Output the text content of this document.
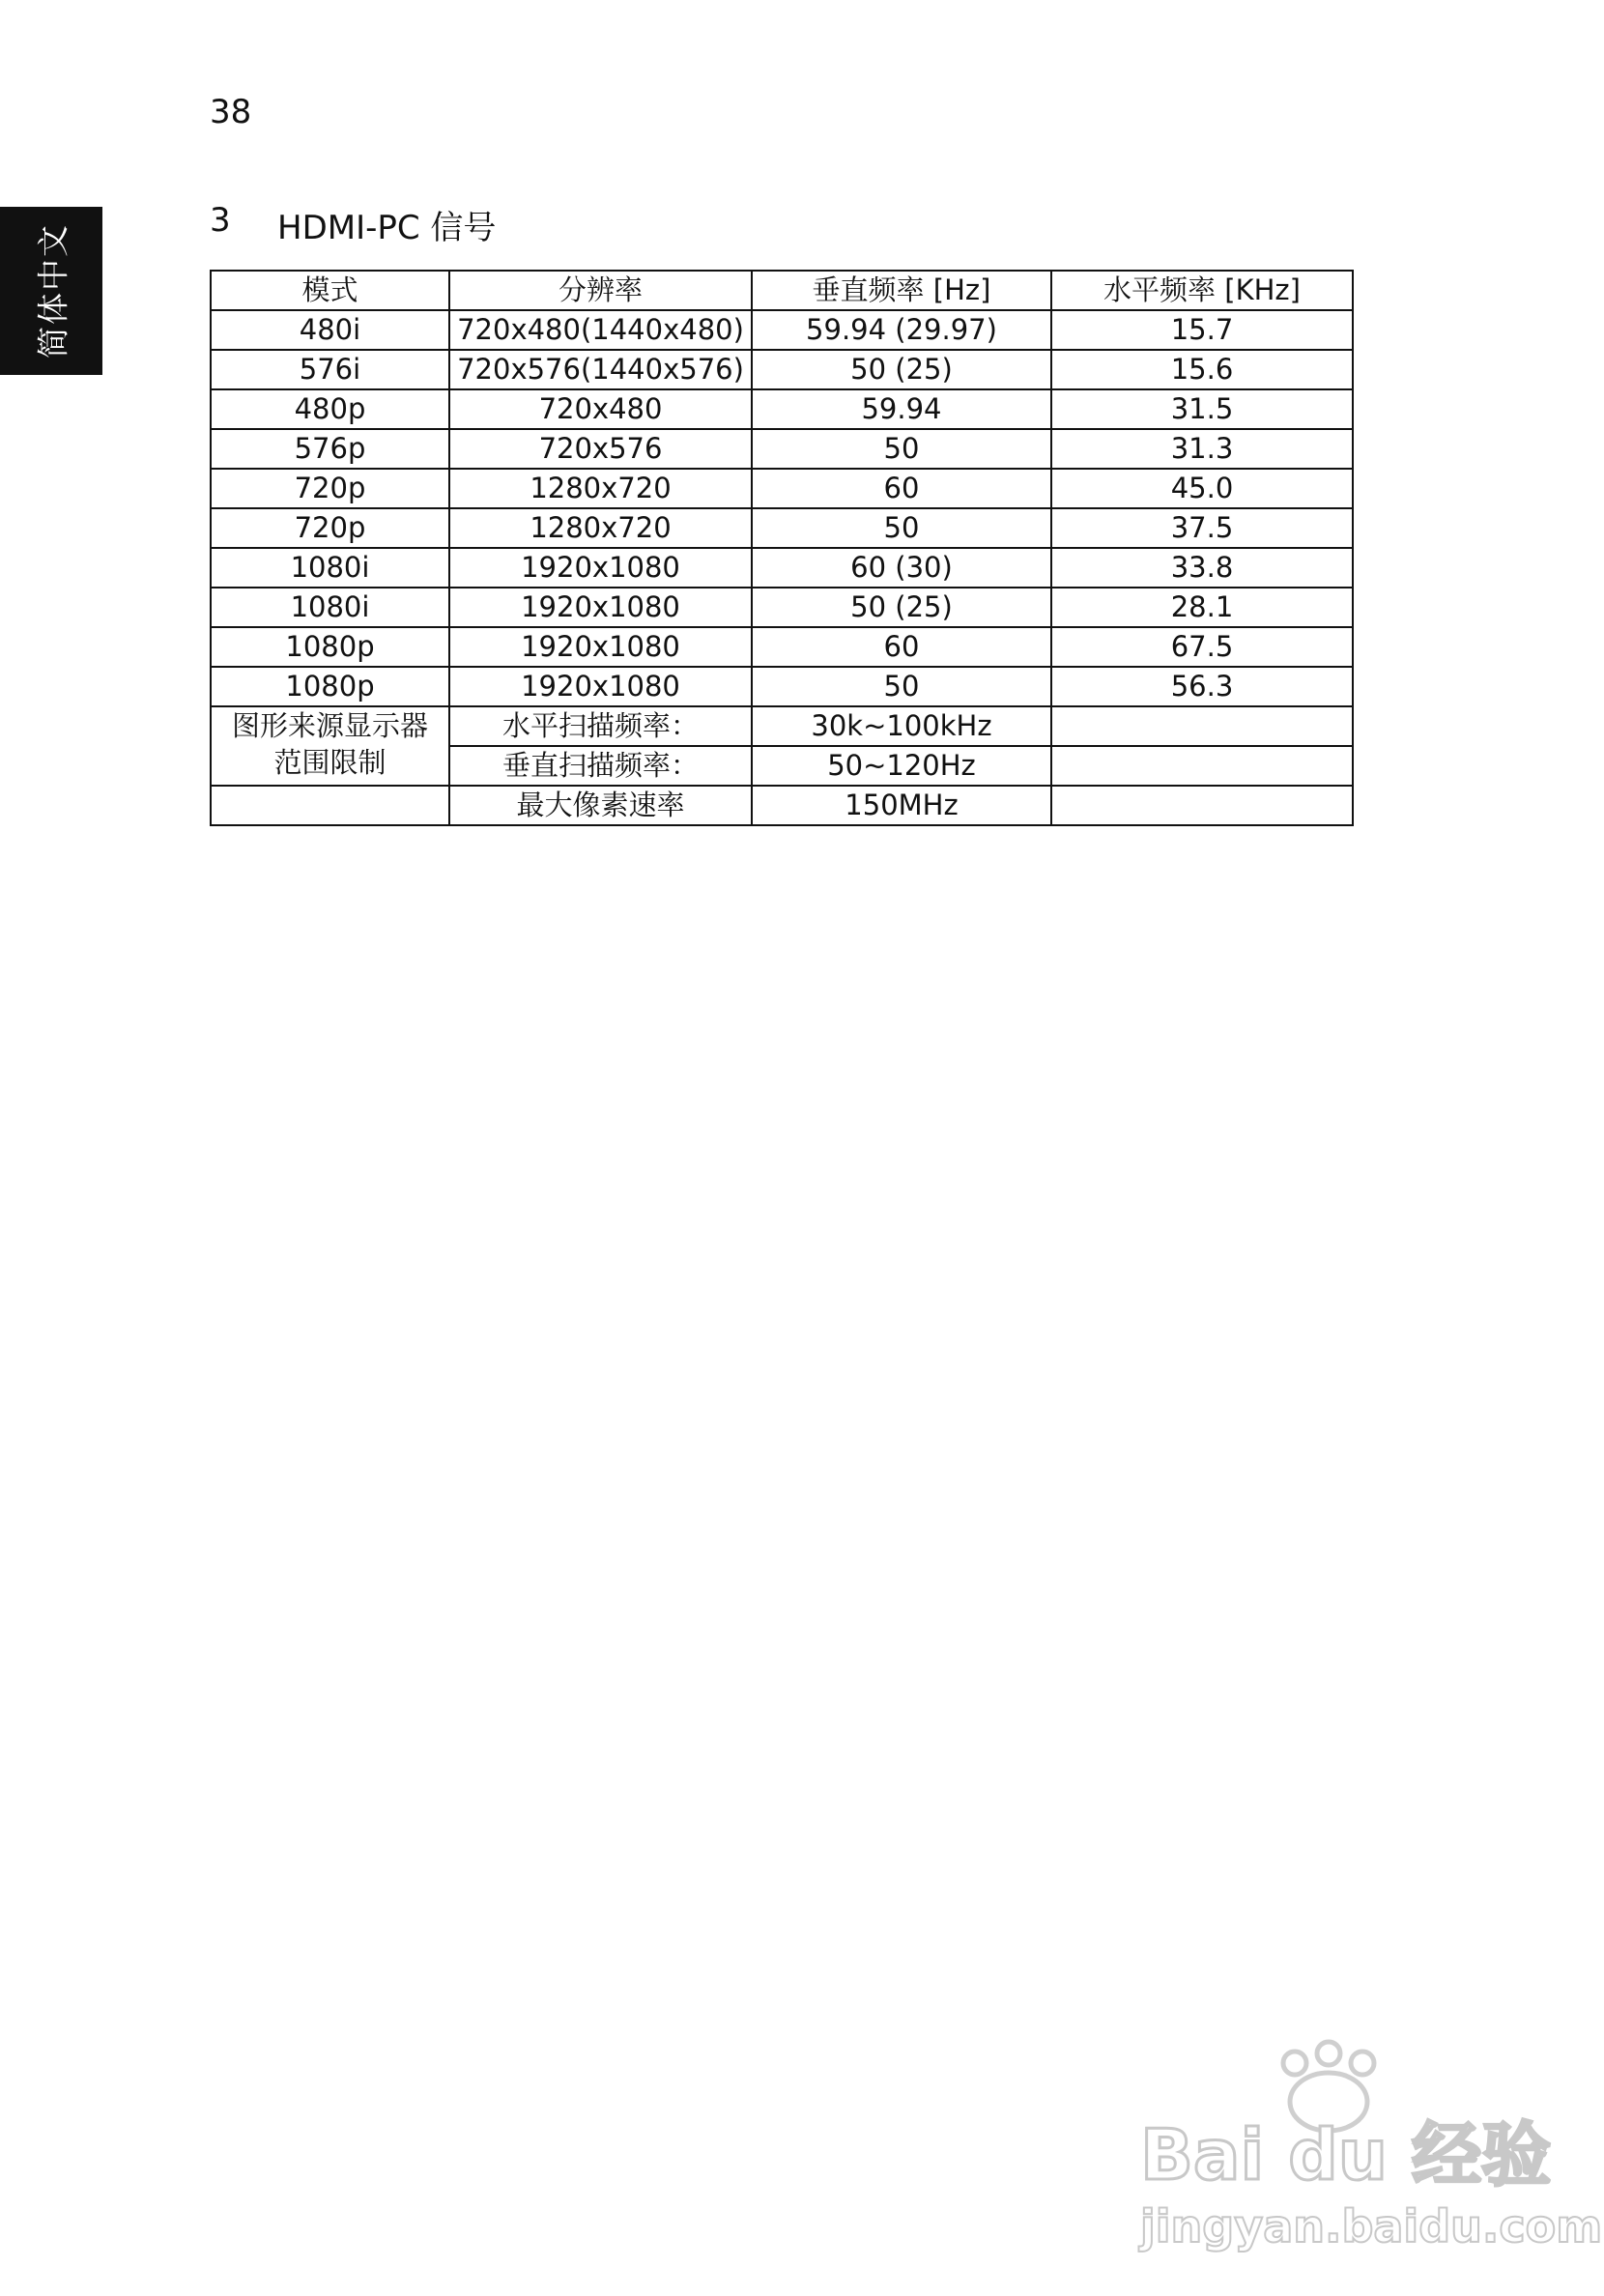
38
简体中文
3	HDMI-PC 信号
模式	分辨率	垂直频率 [Hz]	水平频率 [KHz]
480i	720x480(1440x480)	59.94 (29.97)	15.7
576i	720x576(1440x576)	50 (25)	15.6
480p	720x480	59.94	31.5
576p	720x576	50	31.3
720p	1280x720	60	45.0
720p	1280x720	50	37.5
1080i	1920x1080	60 (30)	33.8
1080i	1920x1080	50 (25)	28.1
1080p	1920x1080	60	67.5
1080p	1920x1080	50	56.3

图形来源显示器
范围限制	水平扫描频率：	30k~100kHz	
	垂直扫描频率：	50~120Hz	
	最大像素速率	150MHz	
Bai du 经验
jingyan.baidu.com
